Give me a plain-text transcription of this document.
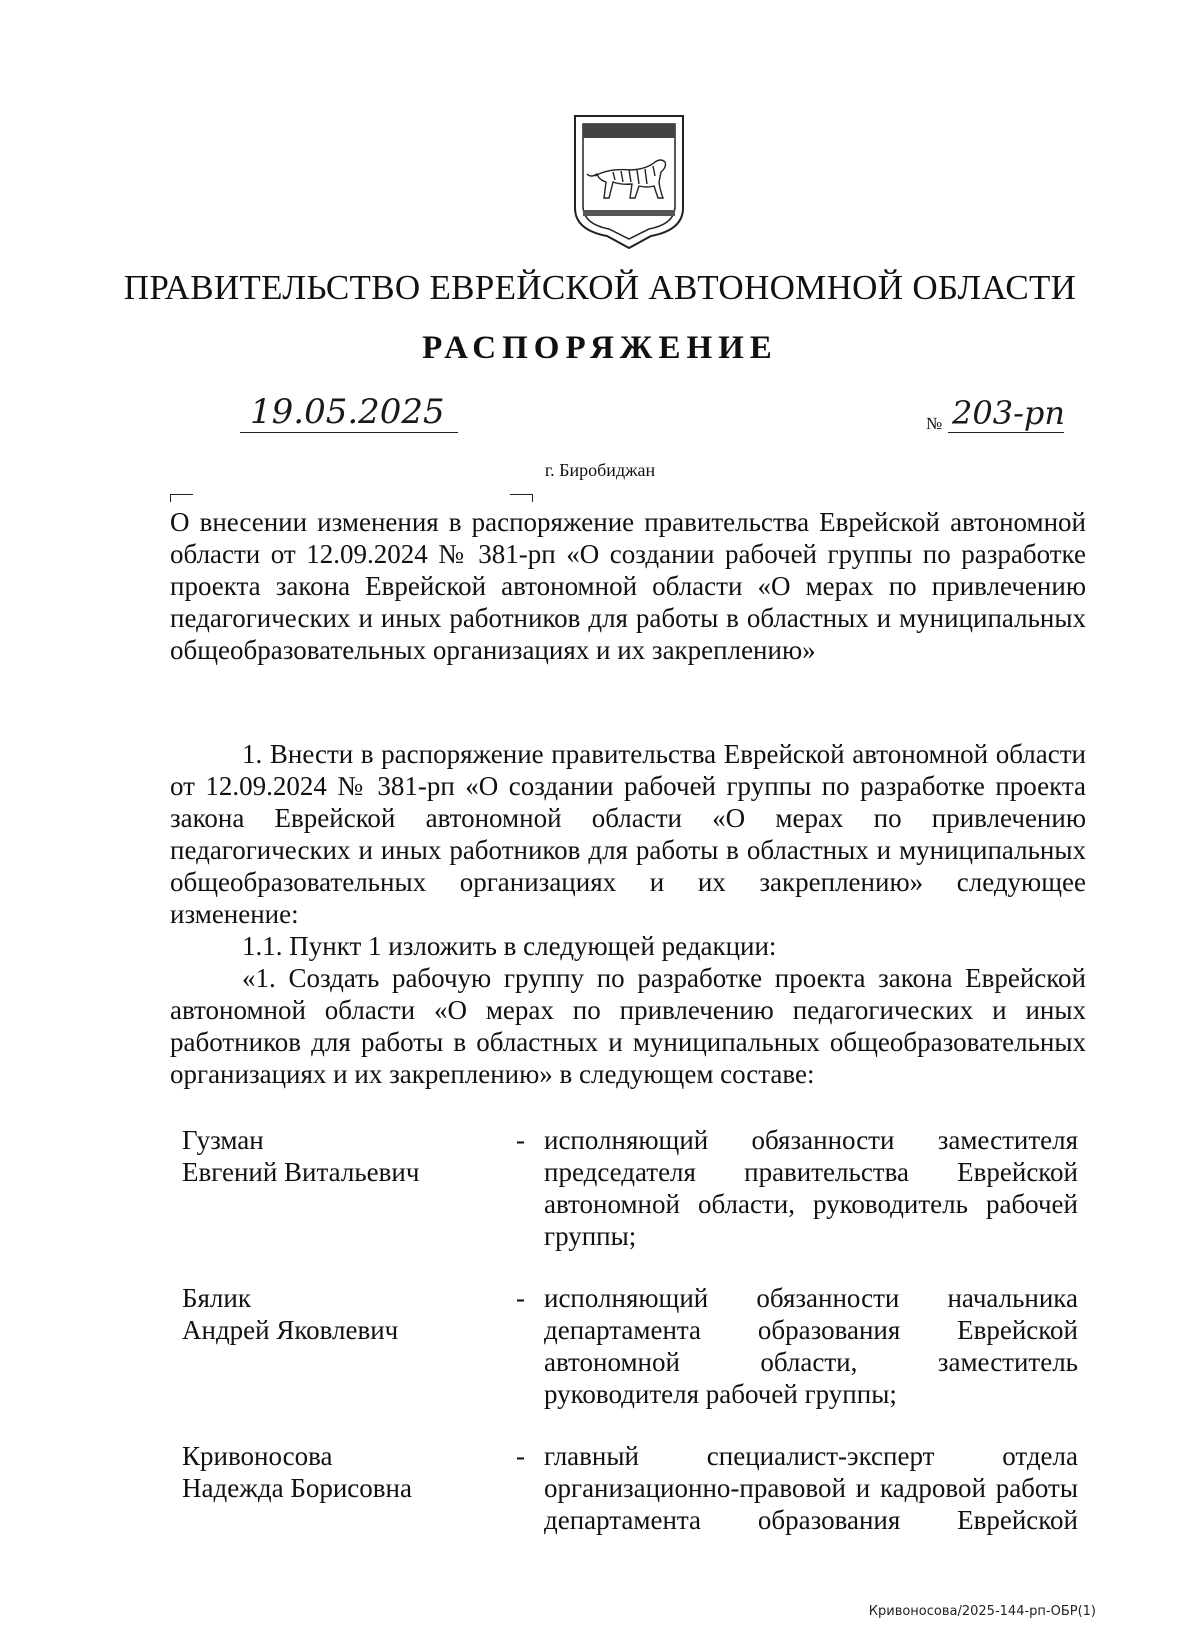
ПРАВИТЕЛЬСТВО ЕВРЕЙСКОЙ АВТОНОМНОЙ ОБЛАСТИ
РАСПОРЯЖЕНИЕ
19.05.2025	№ 203-рп
г. Биробиджан
О внесении изменения в распоряжение правительства Еврейской автономной
области от 12.09.2024 № 381-рп «О создании рабочей группы по разработке
проекта закона Еврейской автономной области «О мерах по привлечению
педагогических и иных работников для работы в областных и муниципальных
общеобразовательных организациях и их закреплению»
1. Внести в распоряжение правительства Еврейской автономной области
от 12.09.2024 № 381-рп «О создании рабочей группы по разработке проекта
закона Еврейской автономной области «О мерах по привлечению
педагогических и иных работников для работы в областных и муниципальных
общеобразовательных организациях и их закреплению» следующее
изменение:
1.1. Пункт 1 изложить в следующей редакции:
«1. Создать рабочую группу по разработке проекта закона Еврейской
автономной области «О мерах по привлечению педагогических и иных
работников для работы в областных и муниципальных общеобразовательных
организациях и их закреплению» в следующем составе:
Гузман
Евгений Витальевич
- исполняющий обязанности заместителя
председателя правительства Еврейской
автономной области, руководитель рабочей
группы;
Бялик
Андрей Яковлевич
- исполняющий обязанности начальника
департамента образования Еврейской
автономной области, заместитель
руководителя рабочей группы;
Кривоносова
Надежда Борисовна
- главный специалист-эксперт отдела
организационно-правовой и кадровой работы
департамента образования Еврейской
Кривоносова/2025-144-рп-ОБР(1)
